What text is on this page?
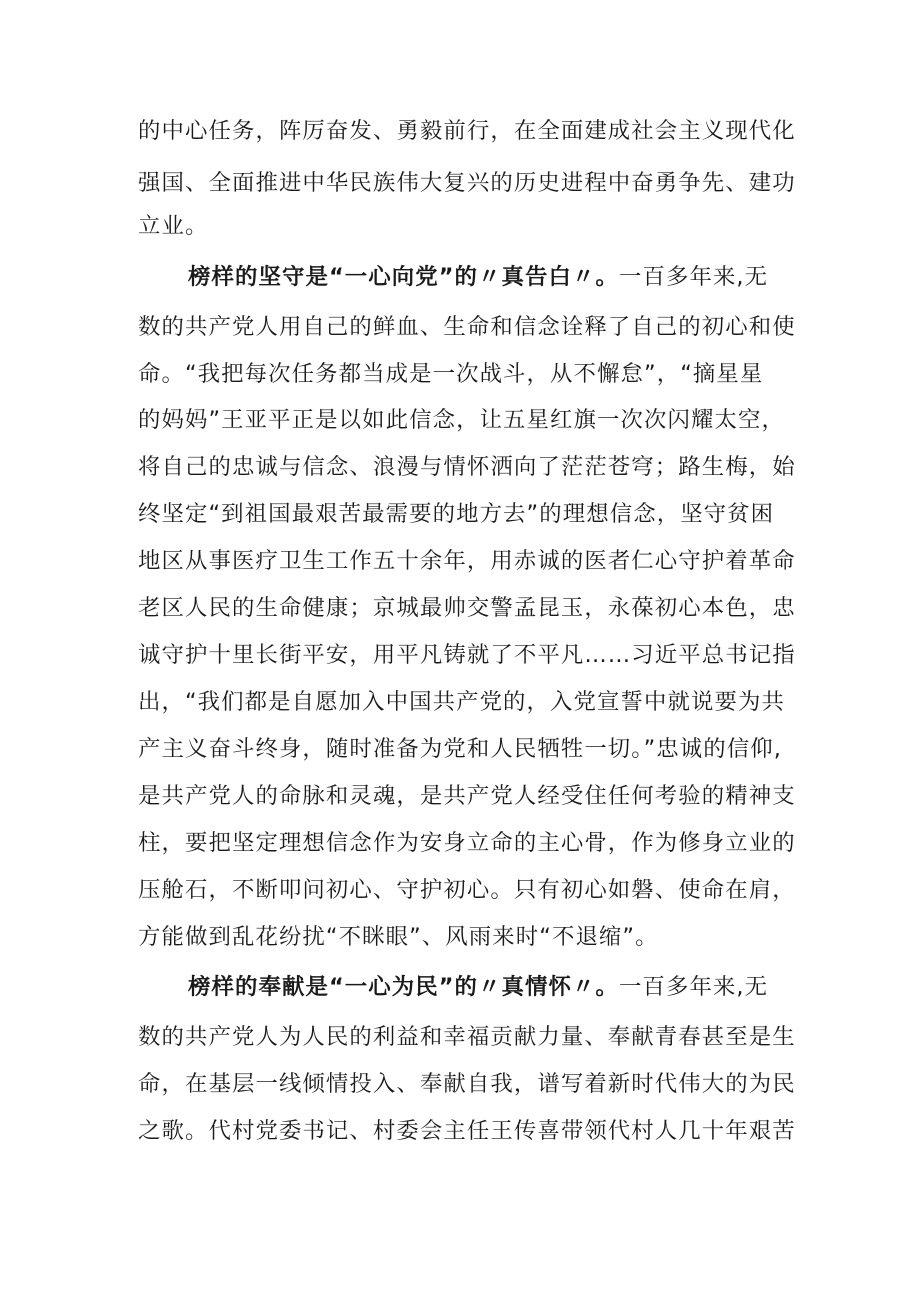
的中心任务，阵厉奋发、勇毅前行，在全面建成社会主义现代化
强国、全面推进中华民族伟大复兴的历史进程中奋勇争先、建功
立业。
榜样的坚守是“一心向党”的〃真告白〃。一百多年来,无
数的共产党人用自己的鲜血、生命和信念诠释了自己的初心和使
命。“我把每次任务都当成是一次战斗，从不懈怠”，“摘星星
的妈妈”王亚平正是以如此信念，让五星红旗一次次闪耀太空，
将自己的忠诚与信念、浪漫与情怀洒向了茫茫苍穹；路生梅，始
终坚定“到祖国最艰苦最需要的地方去”的理想信念，坚守贫困
地区从事医疗卫生工作五十余年，用赤诚的医者仁心守护着革命
老区人民的生命健康；京城最帅交警孟昆玉，永葆初心本色，忠
诚守护十里长街平安，用平凡铸就了不平凡……习近平总书记指
出，“我们都是自愿加入中国共产党的，入党宣誓中就说要为共
产主义奋斗终身，随时准备为党和人民牺牲一切。”忠诚的信仰,
是共产党人的命脉和灵魂，是共产党人经受住任何考验的精神支
柱，要把坚定理想信念作为安身立命的主心骨，作为修身立业的
压舱石，不断叩问初心、守护初心。只有初心如磐、使命在肩，
方能做到乱花纷扰“不眯眼”、风雨来时“不退缩”。
榜样的奉献是“一心为民”的〃真情怀〃。一百多年来,无
数的共产党人为人民的利益和幸福贡献力量、奉献青春甚至是生
命，在基层一线倾情投入、奉献自我，谱写着新时代伟大的为民
之歌。代村党委书记、村委会主任王传喜带领代村人几十年艰苦
